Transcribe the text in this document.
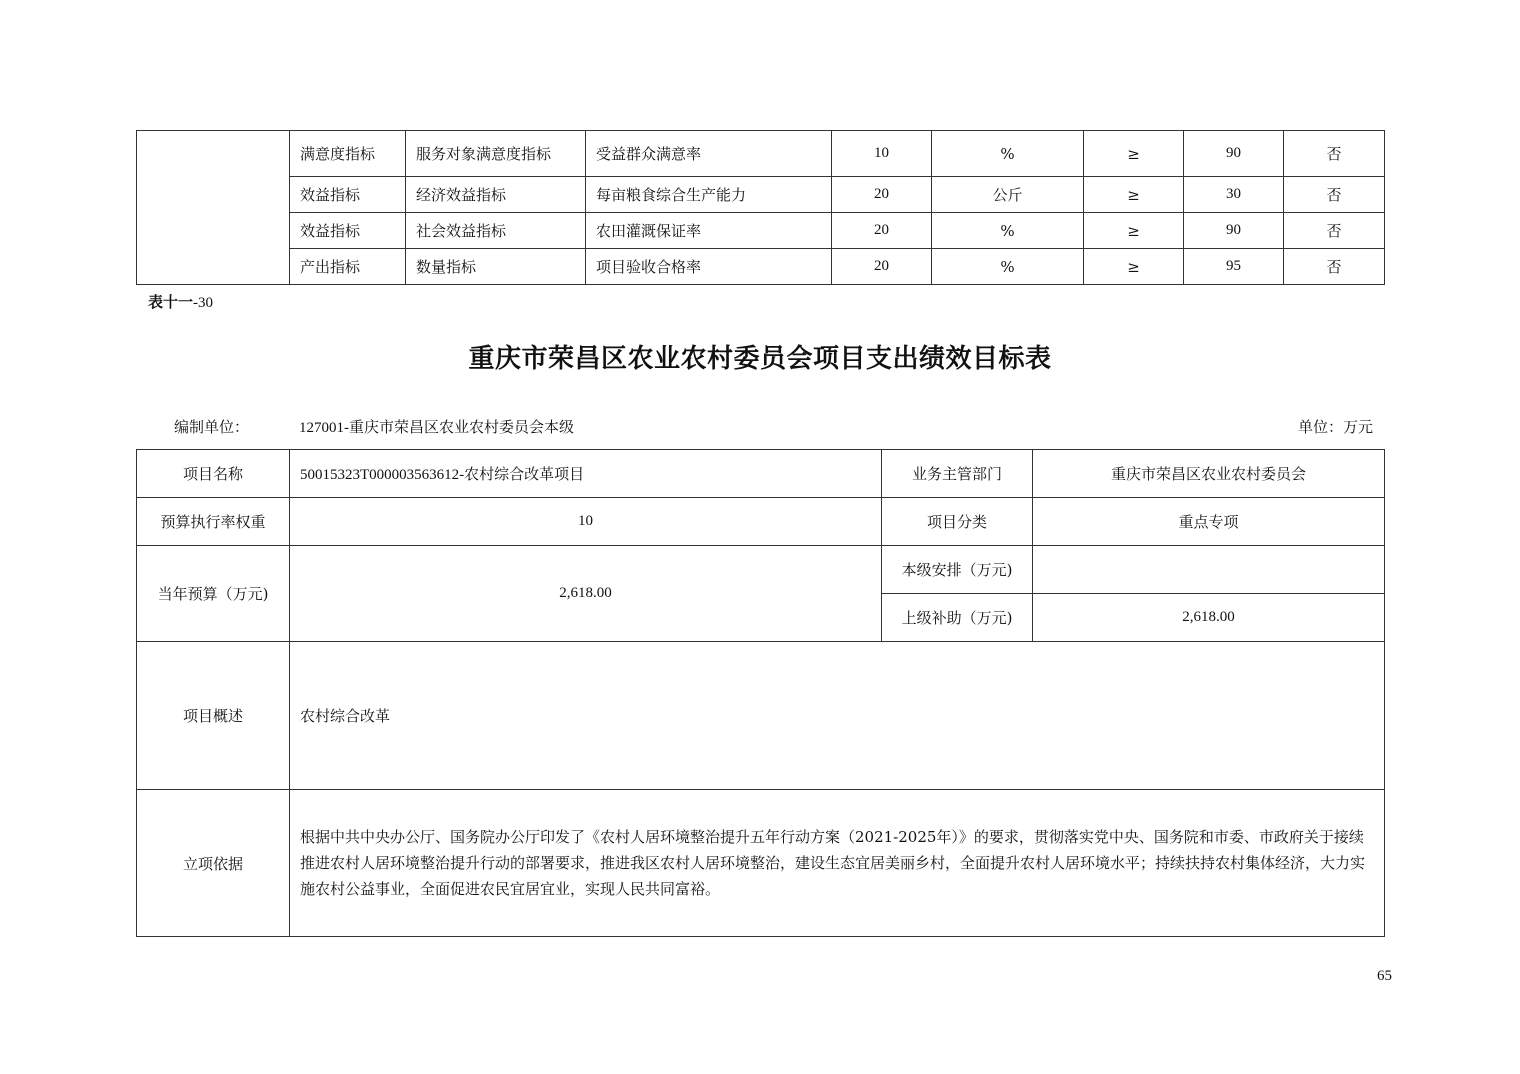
	满意度指标	服务对象满意度指标	受益群众满意率	10	%	≥	90	否
	效益指标	经济效益指标	每亩粮食综合生产能力	20	公斤	≥	30	否
	效益指标	社会效益指标	农田灌溉保证率	20	%	≥	90	否
	产出指标	数量指标	项目验收合格率	20	%	≥	95	否
表十一-30
重庆市荣昌区农业农村委员会项目支出绩效目标表
编制单位：	127001-重庆市荣昌区农业农村委员会本级	单位：万元
项目名称	50015323T000003563612-农村综合改革项目	业务主管部门	重庆市荣昌区农业农村委员会
预算执行率权重	10	项目分类	重点专项
当年预算（万元)	2,618.00	本级安排（万元)	
		上级补助（万元)	2,618.00
项目概述	农村综合改革		
立项依据	根据中共中央办公厅、国务院办公厅印发了《农村人居环境整治提升五年行动方案（2021-2025年）》的要求，贯彻落实党中央、国务院和市委、市政府关于接续推进农村人居环境整治提升行动的部署要求，推进我区农村人居环境整治，建设生态宜居美丽乡村，全面提升农村人居环境水平；持续扶持农村集体经济，大力实施农村公益事业，全面促进农民宜居宜业，实现人民共同富裕。		
65
